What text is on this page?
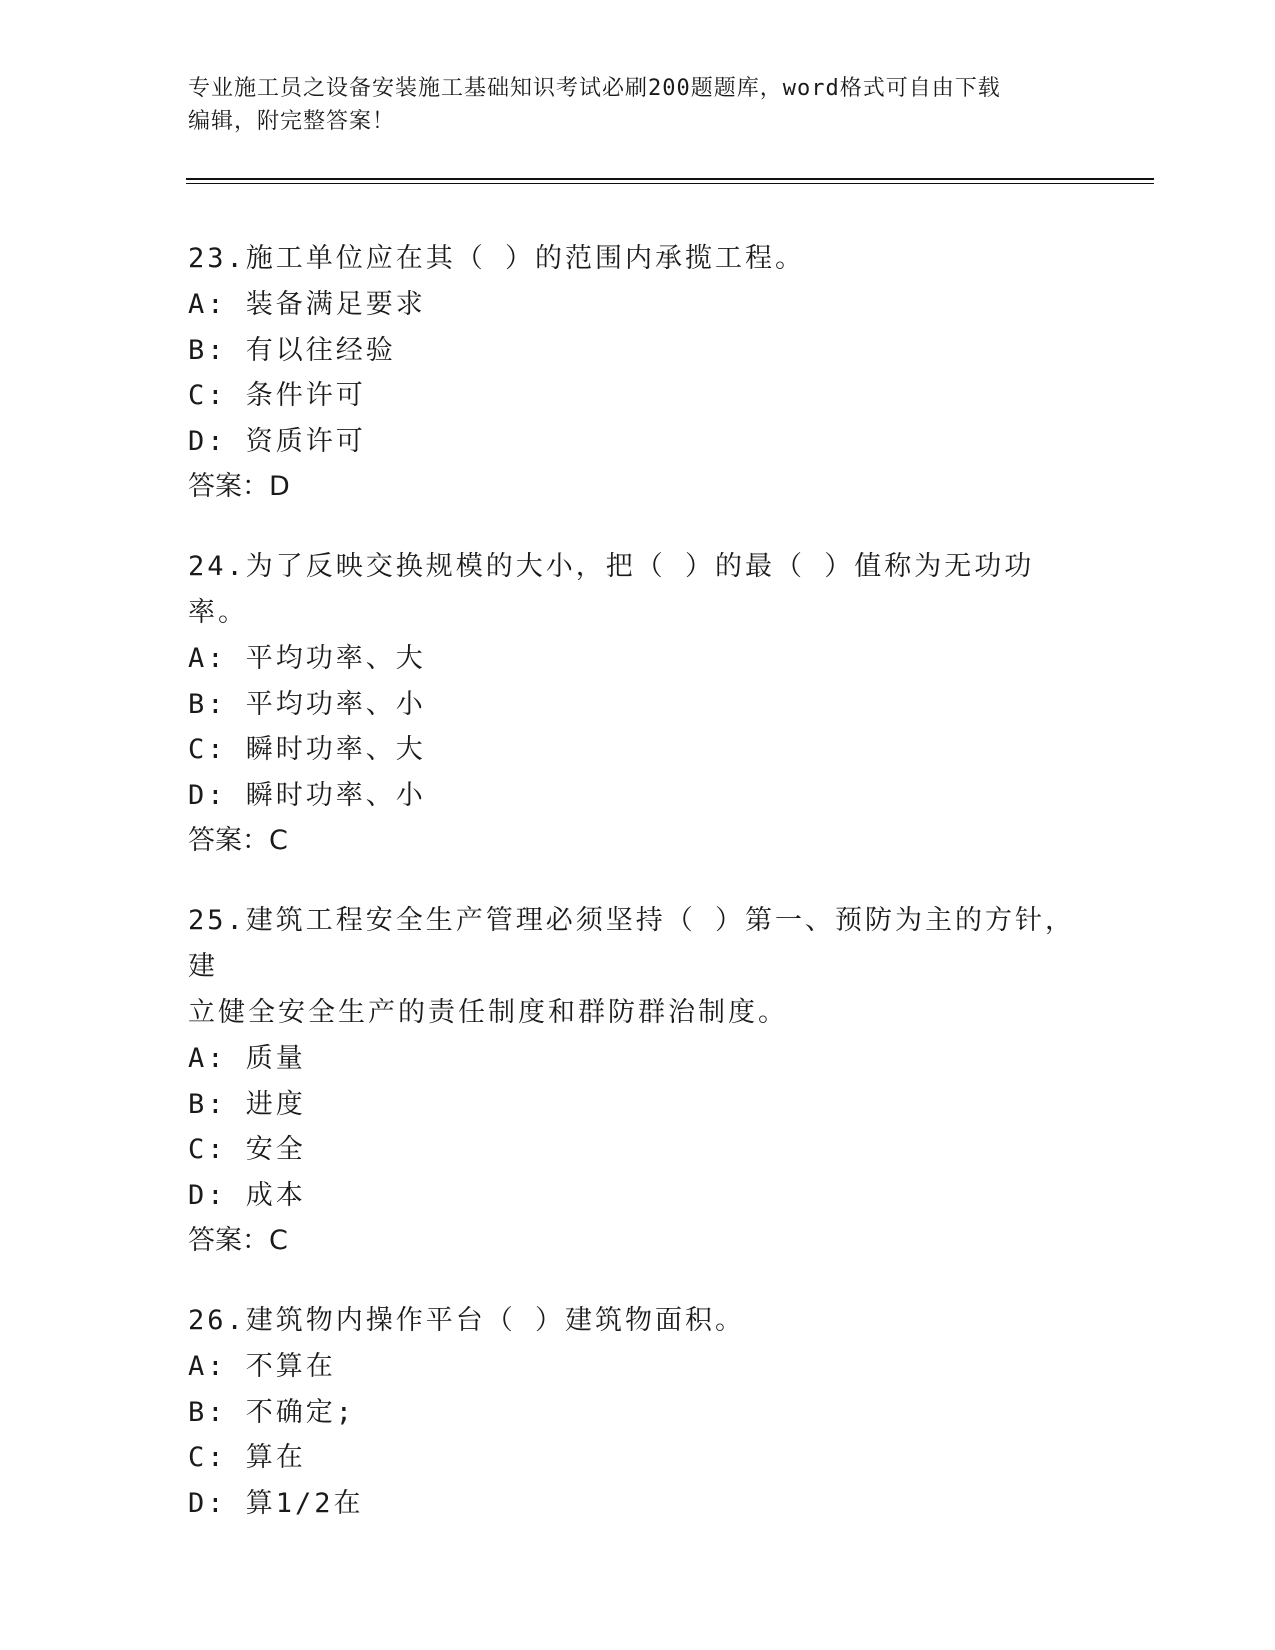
专业施工员之设备安装施工基础知识考试必刷200题题库，word格式可自由下载
编辑，附完整答案！

23.施工单位应在其（ ）的范围内承揽工程。

A: 装备满足要求
B: 有以往经验
C: 条件许可
D: 资质许可
答案：D

24.为了反映交换规模的大小，把（ ）的最（ ）值称为无功功率。

A: 平均功率、大
B: 平均功率、小
C: 瞬时功率、大
D: 瞬时功率、小
答案：C

25.建筑工程安全生产管理必须坚持（ ）第一、预防为主的方针，建
立健全安全生产的责任制度和群防群治制度。

A: 质量
B: 进度
C: 安全
D: 成本
答案：C

26.建筑物内操作平台（ ）建筑物面积。

A: 不算在
B: 不确定;
C: 算在
D: 算1/2在
